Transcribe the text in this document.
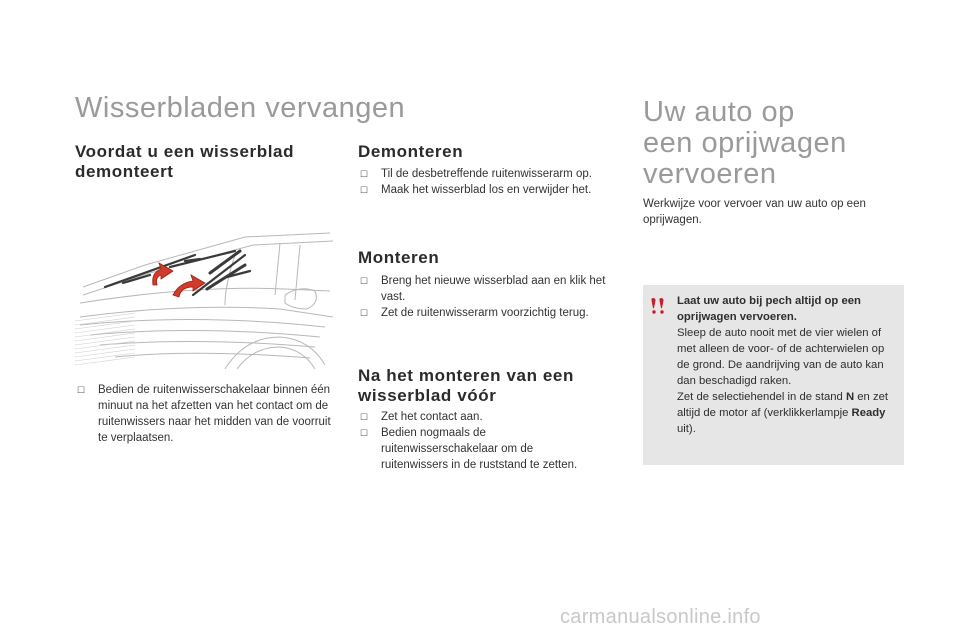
Wisserbladen vervangen
Voordat u een wisserblad demonteert
☐ Bedien de ruitenwisserschakelaar binnen één minuut na het afzetten van het contact om de ruitenwissers naar het midden van de voorruit te verplaatsen.
Demonteren
☐ Til de desbetreffende ruitenwisserarm op.
☐ Maak het wisserblad los en verwijder het.
Monteren
☐ Breng het nieuwe wisserblad aan en klik het vast.
☐ Zet de ruitenwisserarm voorzichtig terug.
Na het monteren van een wisserblad vóór
☐ Zet het contact aan.
☐ Bedien nogmaals de ruitenwisserschakelaar om de ruitenwissers in de ruststand te zetten.
Uw auto op
een oprijwagen
vervoeren
Werkwijze voor vervoer van uw auto op een oprijwagen.
Laat uw auto bij pech altijd op een oprijwagen vervoeren.
Sleep de auto nooit met de vier wielen of met alleen de voor- of de achterwielen op de grond. De aandrijving van de auto kan dan beschadigd raken.
Zet de selectiehendel in de stand N en zet altijd de motor af (verklikkerlampje Ready uit).
carmanualsonline.info
